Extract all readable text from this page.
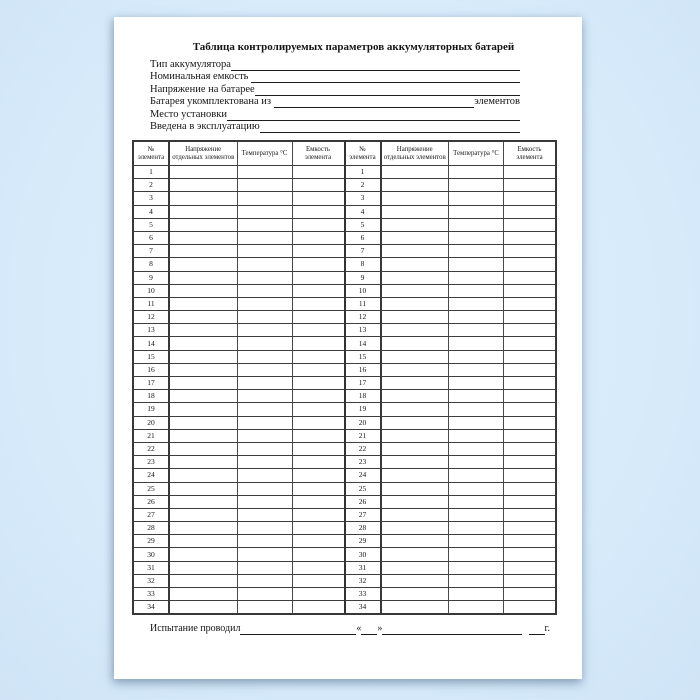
Таблица контролируемых параметров аккумуляторных батарей
Тип аккумулятора
Номинальная емкость
Напряжение на батарее
Батарея укомплектована из	элементов
Место установки
Введена в эксплуатацию
№ элемента	Напряжение отдельных элементов	Температура °С	Емкость элемента	№ элемента	Напряжение отдельных элементов	Температура °С	Емкость элемента
1				1			
2				2			
3				3			
4				4			
5				5			
6				6			
7				7			
8				8			
9				9			
10				10			
11				11			
12				12			
13				13			
14				14			
15				15			
16				16			
17				17			
18				18			
19				19			
20				20			
21				21			
22				22			
23				23			
24				24			
25				25			
26				26			
27				27			
28				28			
29				29			
30				30			
31				31			
32				32			
33				33			
34				34			
Испытание проводил	« »	г.
